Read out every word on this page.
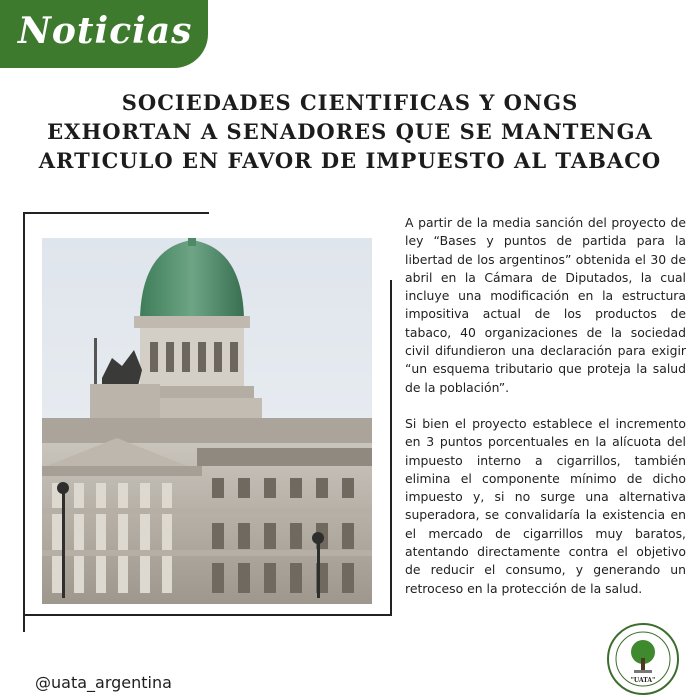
Noticias
SOCIEDADES CIENTIFICAS Y ONGS
EXHORTAN A SENADORES QUE SE MANTENGA
ARTICULO EN FAVOR DE IMPUESTO AL TABACO

A partir de la media sanción del proyecto de ley “Bases y puntos de partida para la libertad de los argentinos” obtenida el 30 de abril en la Cámara de Diputados, la cual incluye una modificación en la estructura impositiva actual de los productos de tabaco, 40 organizaciones de la sociedad civil difundieron una declaración para exigir “un esquema tributario que proteja la salud de la población”.

Si bien el proyecto establece el incremento en 3 puntos porcentuales en la alícuota del impuesto interno a cigarrillos, también elimina el componente mínimo de dicho impuesto y, si no surge una alternativa superadora, se convalidaría la existencia en el mercado de cigarrillos muy baratos, atentando directamente contra el objetivo de reducir el consumo, y generando un retroceso en la protección de la salud.

@uata_argentina	"UATA"
